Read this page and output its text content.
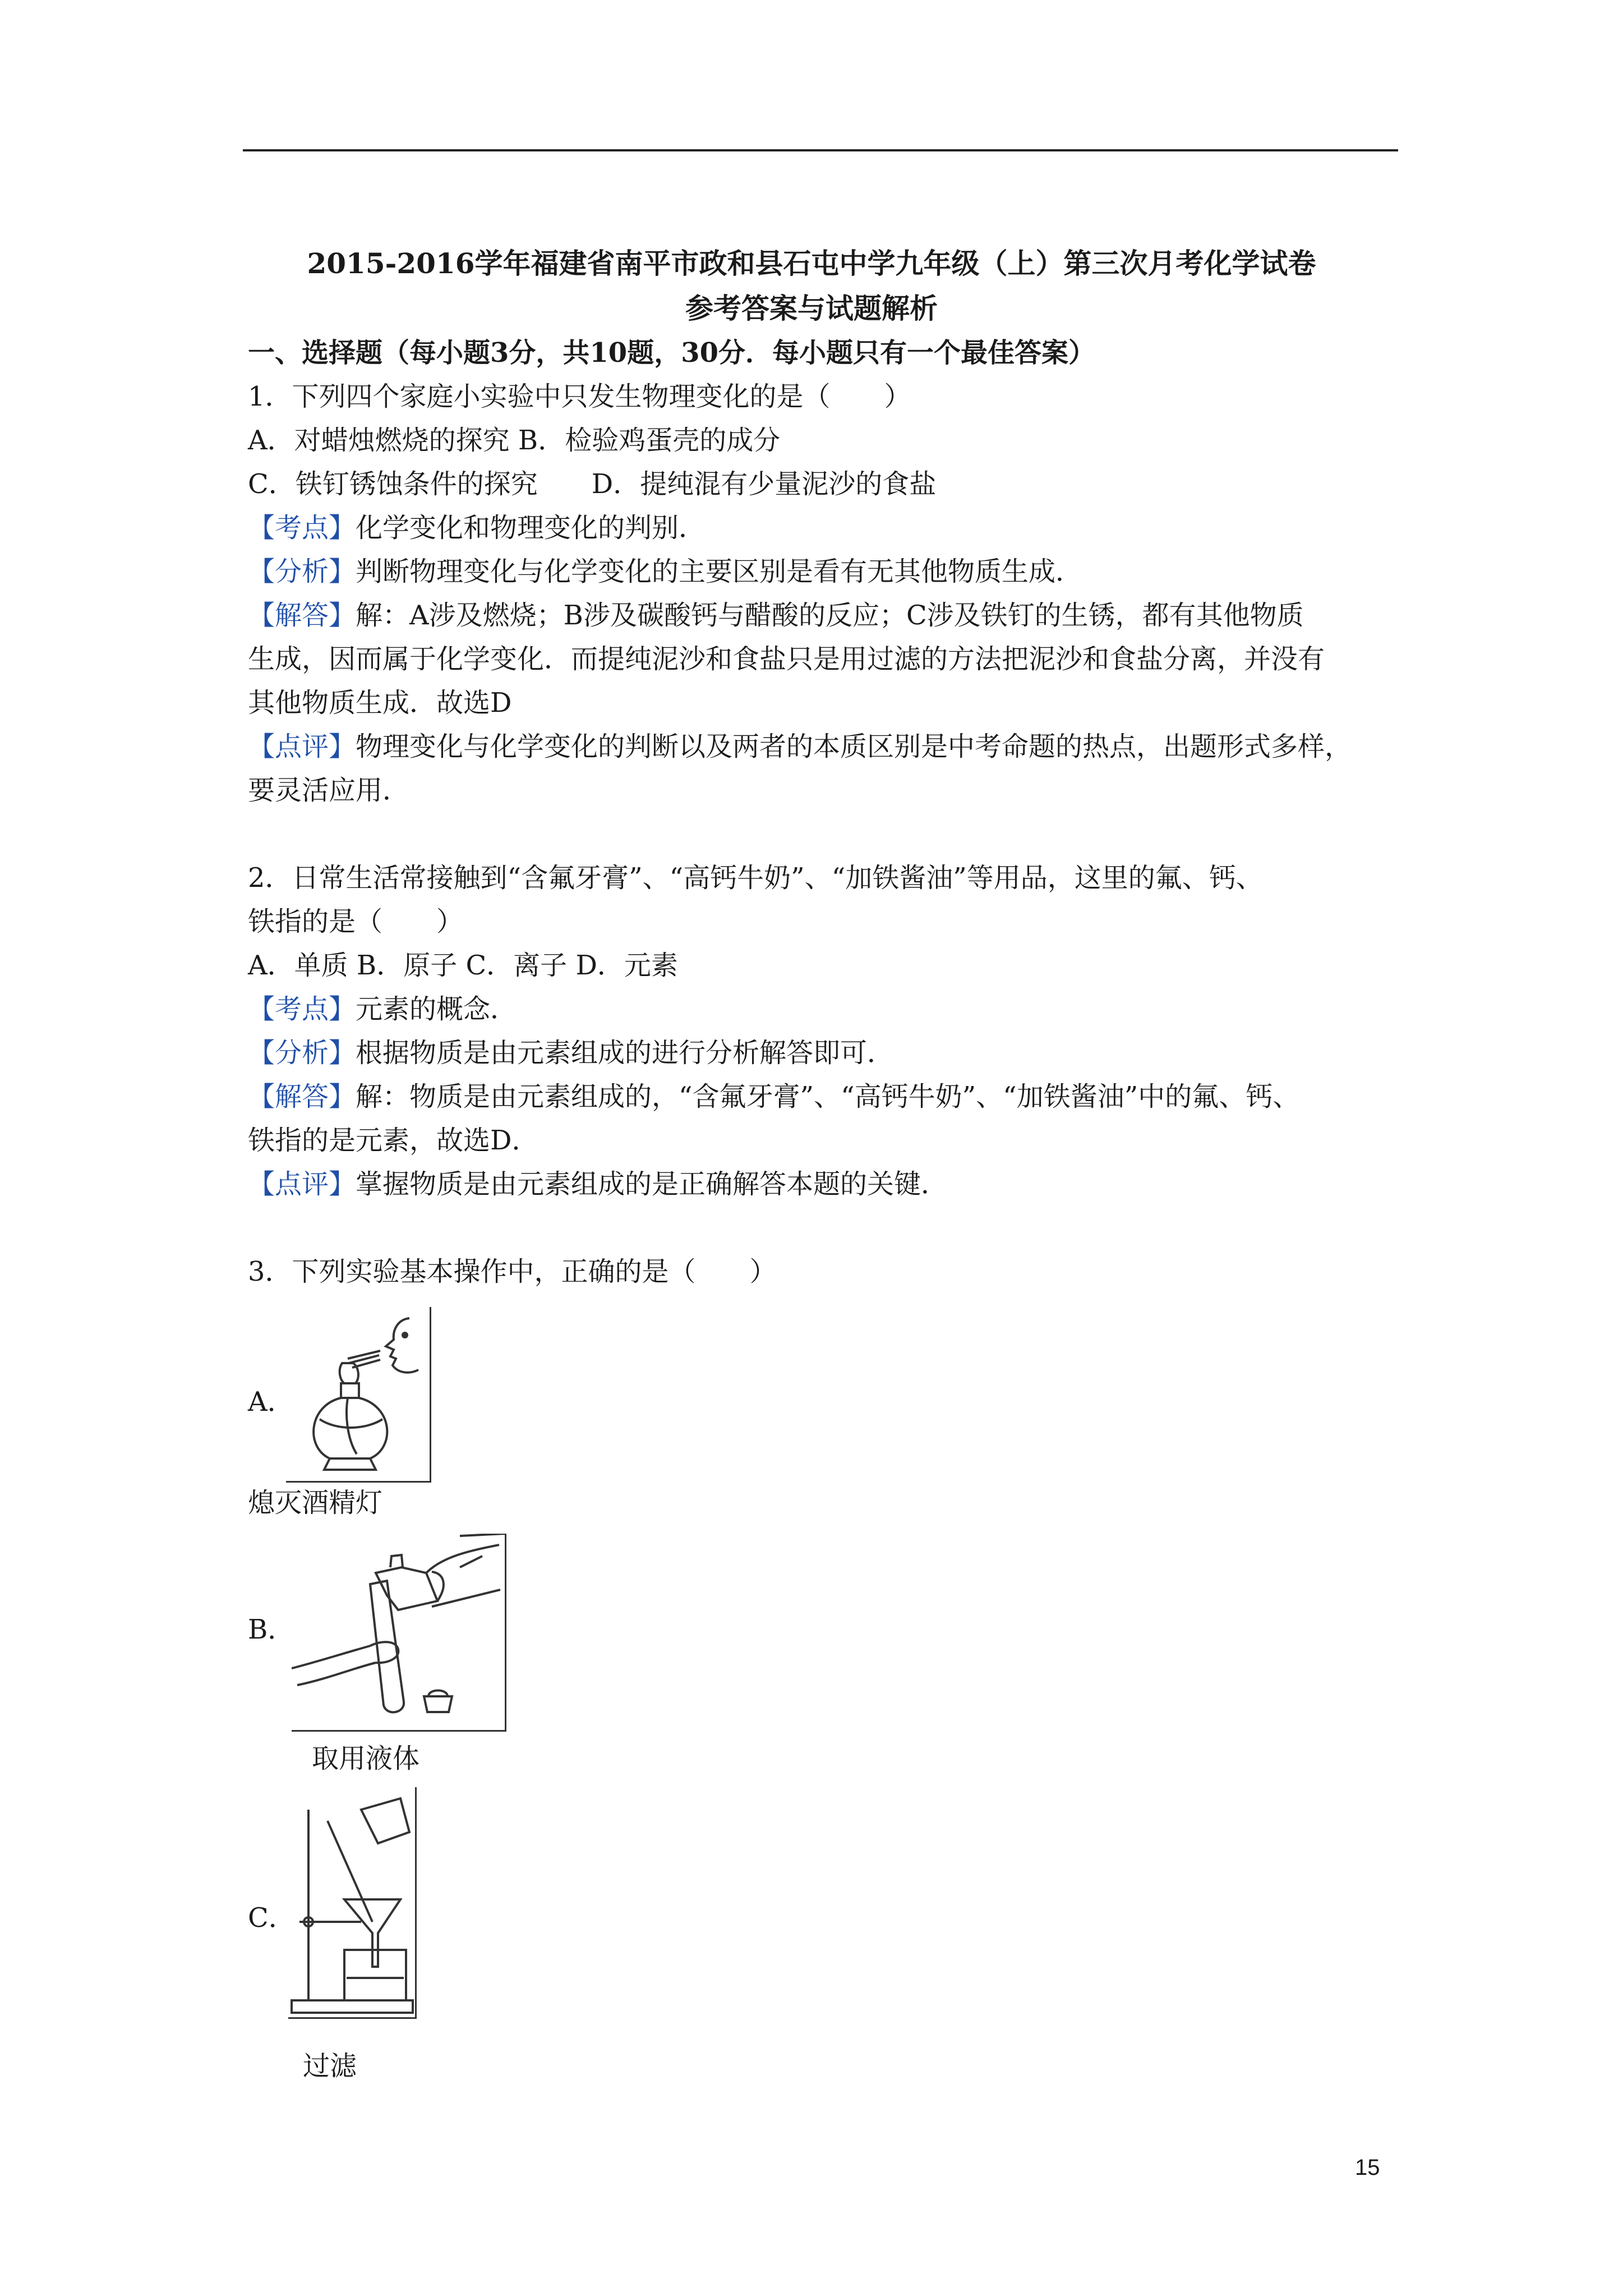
2015-2016学年福建省南平市政和县石屯中学九年级（上）第三次月考化学试卷
参考答案与试题解析
一、选择题（每小题3分，共10题，30分．每小题只有一个最佳答案）
1．下列四个家庭小实验中只发生物理变化的是（　　）
A．对蜡烛燃烧的探究 B．检验鸡蛋壳的成分
C．铁钉锈蚀条件的探究　　D．提纯混有少量泥沙的食盐
【考点】化学变化和物理变化的判别．
【分析】判断物理变化与化学变化的主要区别是看有无其他物质生成．
【解答】解：A涉及燃烧；B涉及碳酸钙与醋酸的反应；C涉及铁钉的生锈，都有其他物质
生成，因而属于化学变化．而提纯泥沙和食盐只是用过滤的方法把泥沙和食盐分离，并没有
其他物质生成．故选D
【点评】物理变化与化学变化的判断以及两者的本质区别是中考命题的热点，出题形式多样，
要灵活应用．
2．日常生活常接触到“含氟牙膏”、“高钙牛奶”、“加铁酱油”等用品，这里的氟、钙、
铁指的是（　　）
A．单质 B．原子 C．离子 D．元素
【考点】元素的概念．
【分析】根据物质是由元素组成的进行分析解答即可．
【解答】解：物质是由元素组成的，“含氟牙膏”、“高钙牛奶”、“加铁酱油”中的氟、钙、
铁指的是元素，故选D．
【点评】掌握物质是由元素组成的是正确解答本题的关键．
3．下列实验基本操作中，正确的是（　　）
A．
熄灭酒精灯
B．
取用液体
C．
过滤
15
